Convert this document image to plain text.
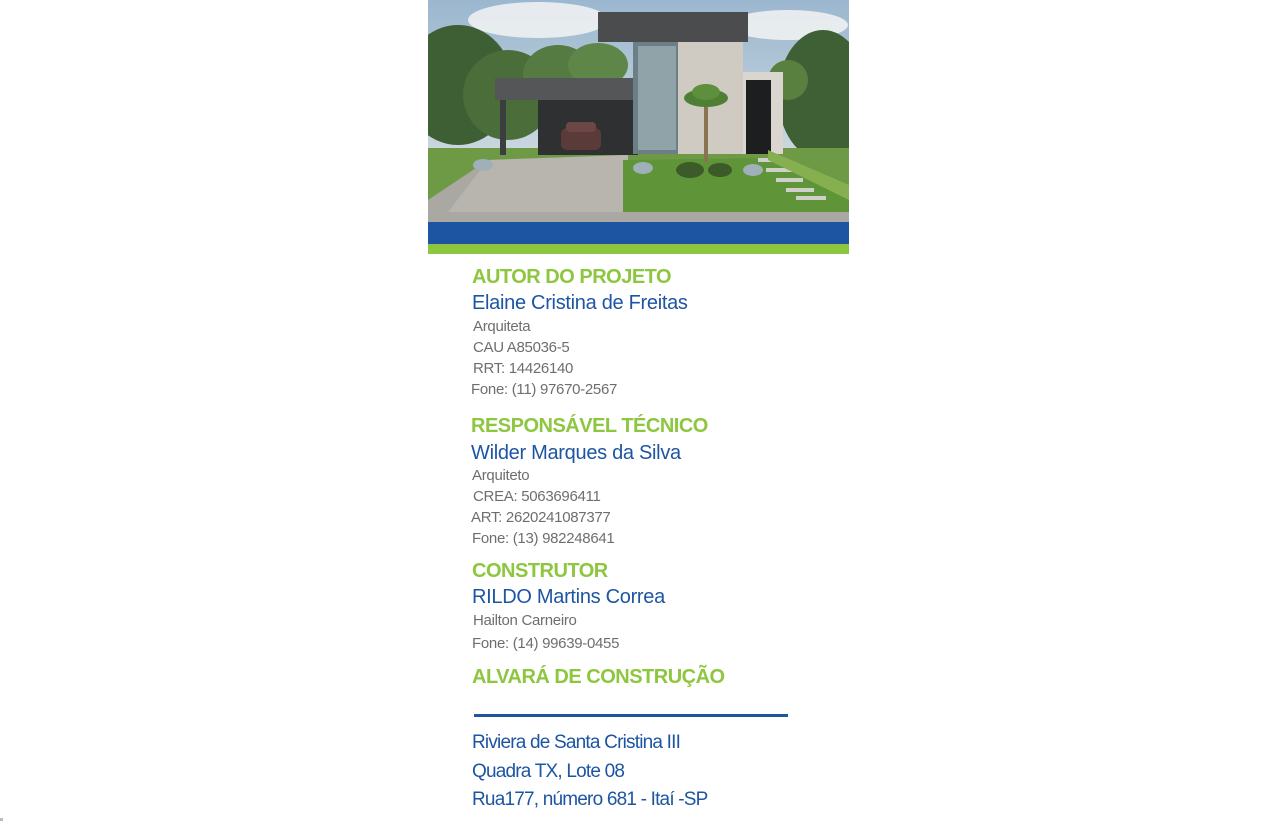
AUTOR DO PROJETO
Elaine Cristina de Freitas
Arquiteta
CAU A85036-5
RRT: 14426140
Fone: (11) 97670-2567
RESPONSÁVEL TÉCNICO
Wilder Marques da Silva
Arquiteto
CREA: 5063696411
ART: 2620241087377
Fone: (13) 982248641
CONSTRUTOR
RILDO Martins Correa
Hailton Carneiro
Fone: (14) 99639-0455
ALVARÁ DE CONSTRUÇÃO
Riviera de Santa Cristina III
Quadra TX, Lote 08
Rua177, número 681 - Itaí -SP
